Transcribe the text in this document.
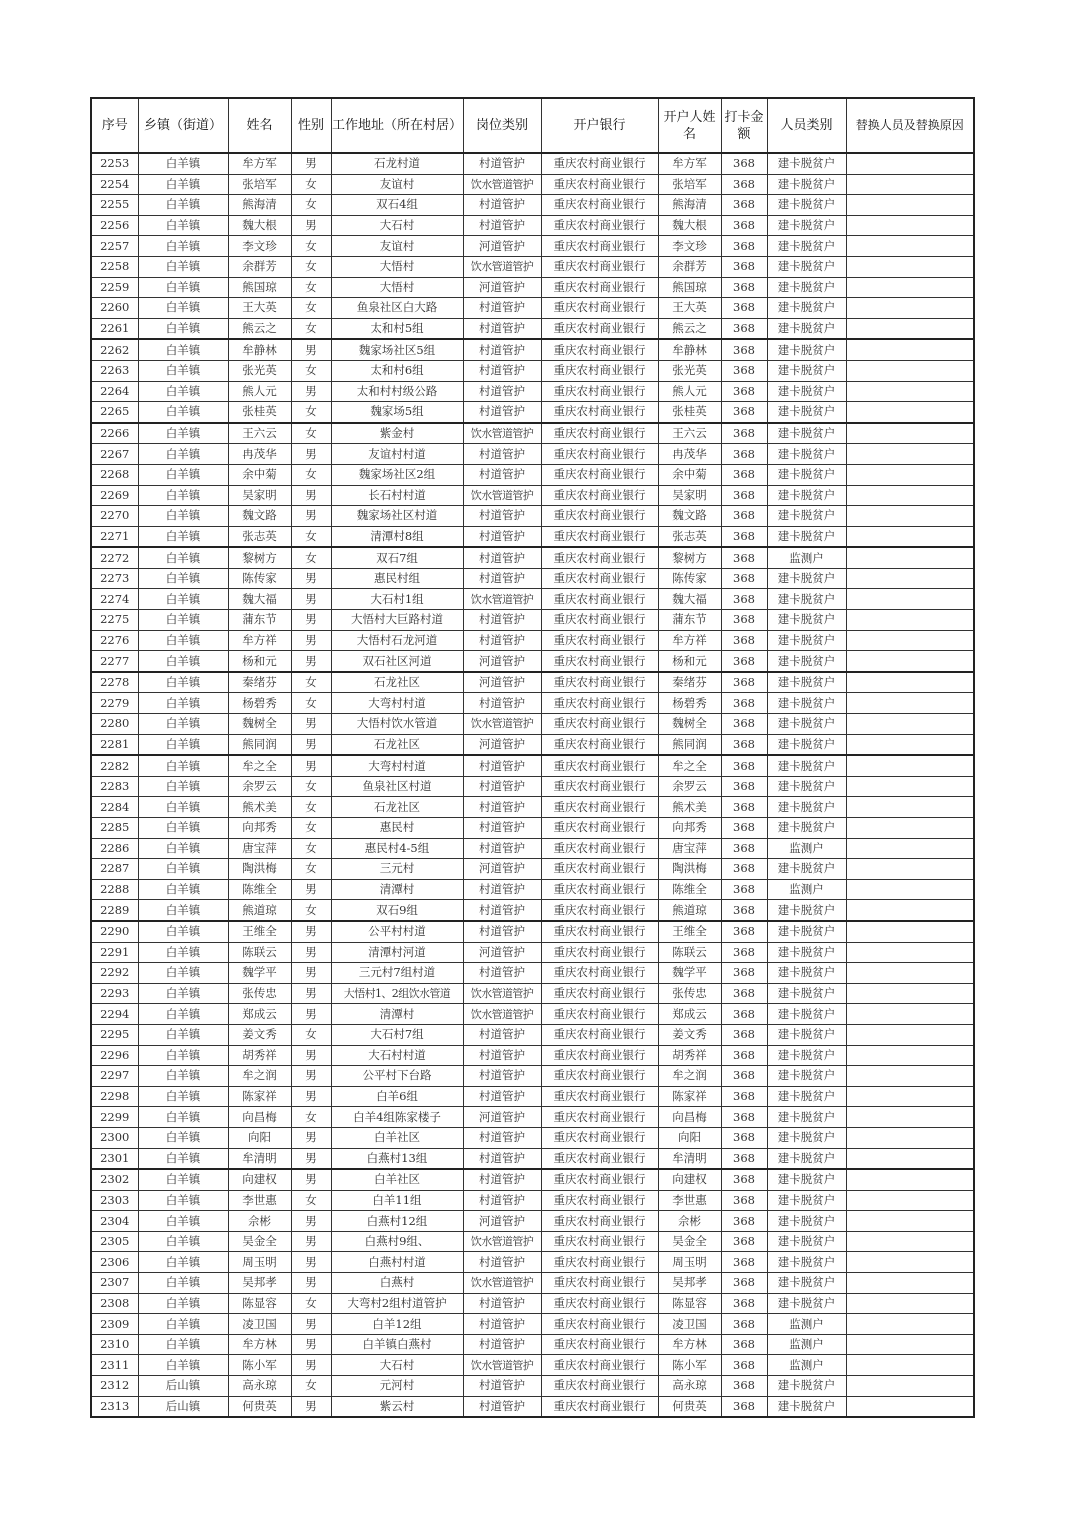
序号	乡镇（街道）	姓名	性别	工作地址（所在村居）	岗位类别	开户银行	开户人姓名	打卡金额	人员类别	替换人员及替换原因
2253	白羊镇	牟方军	男	石龙村道	村道管护	重庆农村商业银行	牟方军	368	建卡脱贫户	
2254	白羊镇	张培军	女	友谊村	饮水管道管护	重庆农村商业银行	张培军	368	建卡脱贫户	
2255	白羊镇	熊海清	女	双石4组	村道管护	重庆农村商业银行	熊海清	368	建卡脱贫户	
2256	白羊镇	魏大根	男	大石村	村道管护	重庆农村商业银行	魏大根	368	建卡脱贫户	
2257	白羊镇	李文珍	女	友谊村	河道管护	重庆农村商业银行	李文珍	368	建卡脱贫户	
2258	白羊镇	余群芳	女	大悟村	饮水管道管护	重庆农村商业银行	余群芳	368	建卡脱贫户	
2259	白羊镇	熊国琼	女	大悟村	河道管护	重庆农村商业银行	熊国琼	368	建卡脱贫户	
2260	白羊镇	王大英	女	鱼泉社区白大路	村道管护	重庆农村商业银行	王大英	368	建卡脱贫户	
2261	白羊镇	熊云之	女	太和村5组	村道管护	重庆农村商业银行	熊云之	368	建卡脱贫户	
2262	白羊镇	牟静林	男	魏家场社区5组	村道管护	重庆农村商业银行	牟静林	368	建卡脱贫户	
2263	白羊镇	张光英	女	太和村6组	村道管护	重庆农村商业银行	张光英	368	建卡脱贫户	
2264	白羊镇	熊人元	男	太和村村级公路	村道管护	重庆农村商业银行	熊人元	368	建卡脱贫户	
2265	白羊镇	张桂英	女	魏家场5组	村道管护	重庆农村商业银行	张桂英	368	建卡脱贫户	
2266	白羊镇	王六云	女	紫金村	饮水管道管护	重庆农村商业银行	王六云	368	建卡脱贫户	
2267	白羊镇	冉茂华	男	友谊村村道	村道管护	重庆农村商业银行	冉茂华	368	建卡脱贫户	
2268	白羊镇	余中菊	女	魏家场社区2组	村道管护	重庆农村商业银行	余中菊	368	建卡脱贫户	
2269	白羊镇	吴家明	男	长石村村道	饮水管道管护	重庆农村商业银行	吴家明	368	建卡脱贫户	
2270	白羊镇	魏文路	男	魏家场社区村道	村道管护	重庆农村商业银行	魏文路	368	建卡脱贫户	
2271	白羊镇	张志英	女	清潭村8组	村道管护	重庆农村商业银行	张志英	368	建卡脱贫户	
2272	白羊镇	黎树方	女	双石7组	村道管护	重庆农村商业银行	黎树方	368	监测户	
2273	白羊镇	陈传家	男	惠民村组	村道管护	重庆农村商业银行	陈传家	368	建卡脱贫户	
2274	白羊镇	魏大福	男	大石村1组	饮水管道管护	重庆农村商业银行	魏大福	368	建卡脱贫户	
2275	白羊镇	蒲东节	男	大悟村大巨路村道	村道管护	重庆农村商业银行	蒲东节	368	建卡脱贫户	
2276	白羊镇	牟方祥	男	大悟村石龙河道	村道管护	重庆农村商业银行	牟方祥	368	建卡脱贫户	
2277	白羊镇	杨和元	男	双石社区河道	河道管护	重庆农村商业银行	杨和元	368	建卡脱贫户	
2278	白羊镇	秦绪芬	女	石龙社区	河道管护	重庆农村商业银行	秦绪芬	368	建卡脱贫户	
2279	白羊镇	杨碧秀	女	大弯村村道	村道管护	重庆农村商业银行	杨碧秀	368	建卡脱贫户	
2280	白羊镇	魏树全	男	大悟村饮水管道	饮水管道管护	重庆农村商业银行	魏树全	368	建卡脱贫户	
2281	白羊镇	熊同润	男	石龙社区	河道管护	重庆农村商业银行	熊同润	368	建卡脱贫户	
2282	白羊镇	牟之全	男	大弯村村道	村道管护	重庆农村商业银行	牟之全	368	建卡脱贫户	
2283	白羊镇	余罗云	女	鱼泉社区村道	村道管护	重庆农村商业银行	余罗云	368	建卡脱贫户	
2284	白羊镇	熊术美	女	石龙社区	村道管护	重庆农村商业银行	熊术美	368	建卡脱贫户	
2285	白羊镇	向邦秀	女	惠民村	村道管护	重庆农村商业银行	向邦秀	368	建卡脱贫户	
2286	白羊镇	唐宝萍	女	惠民村4-5组	村道管护	重庆农村商业银行	唐宝萍	368	监测户	
2287	白羊镇	陶洪梅	女	三元村	河道管护	重庆农村商业银行	陶洪梅	368	建卡脱贫户	
2288	白羊镇	陈维全	男	清潭村	村道管护	重庆农村商业银行	陈维全	368	监测户	
2289	白羊镇	熊道琼	女	双石9组	村道管护	重庆农村商业银行	熊道琼	368	建卡脱贫户	
2290	白羊镇	王维全	男	公平村村道	村道管护	重庆农村商业银行	王维全	368	建卡脱贫户	
2291	白羊镇	陈联云	男	清潭村河道	河道管护	重庆农村商业银行	陈联云	368	建卡脱贫户	
2292	白羊镇	魏学平	男	三元村7组村道	村道管护	重庆农村商业银行	魏学平	368	建卡脱贫户	
2293	白羊镇	张传忠	男	大悟村1、2组饮水管道	饮水管道管护	重庆农村商业银行	张传忠	368	建卡脱贫户	
2294	白羊镇	郑成云	男	清潭村	饮水管道管护	重庆农村商业银行	郑成云	368	建卡脱贫户	
2295	白羊镇	姜文秀	女	大石村7组	村道管护	重庆农村商业银行	姜文秀	368	建卡脱贫户	
2296	白羊镇	胡秀祥	男	大石村村道	村道管护	重庆农村商业银行	胡秀祥	368	建卡脱贫户	
2297	白羊镇	牟之润	男	公平村下台路	村道管护	重庆农村商业银行	牟之润	368	建卡脱贫户	
2298	白羊镇	陈家祥	男	白羊6组	村道管护	重庆农村商业银行	陈家祥	368	建卡脱贫户	
2299	白羊镇	向昌梅	女	白羊4组陈家楼子	河道管护	重庆农村商业银行	向昌梅	368	建卡脱贫户	
2300	白羊镇	向阳	男	白羊社区	村道管护	重庆农村商业银行	向阳	368	建卡脱贫户	
2301	白羊镇	牟清明	男	白燕村13组	村道管护	重庆农村商业银行	牟清明	368	建卡脱贫户	
2302	白羊镇	向建权	男	白羊社区	村道管护	重庆农村商业银行	向建权	368	建卡脱贫户	
2303	白羊镇	李世惠	女	白羊11组	村道管护	重庆农村商业银行	李世惠	368	建卡脱贫户	
2304	白羊镇	佘彬	男	白燕村12组	河道管护	重庆农村商业银行	佘彬	368	建卡脱贫户	
2305	白羊镇	吴金全	男	白燕村9组、	饮水管道管护	重庆农村商业银行	吴金全	368	建卡脱贫户	
2306	白羊镇	周玉明	男	白燕村村道	村道管护	重庆农村商业银行	周玉明	368	建卡脱贫户	
2307	白羊镇	吴邦孝	男	白燕村	饮水管道管护	重庆农村商业银行	吴邦孝	368	建卡脱贫户	
2308	白羊镇	陈显容	女	大弯村2组村道管护	村道管护	重庆农村商业银行	陈显容	368	建卡脱贫户	
2309	白羊镇	凌卫国	男	白羊12组	村道管护	重庆农村商业银行	凌卫国	368	监测户	
2310	白羊镇	牟方林	男	白羊镇白燕村	村道管护	重庆农村商业银行	牟方林	368	监测户	
2311	白羊镇	陈小军	男	大石村	饮水管道管护	重庆农村商业银行	陈小军	368	监测户	
2312	后山镇	高永琼	女	元河村	村道管护	重庆农村商业银行	高永琼	368	建卡脱贫户	
2313	后山镇	何贵英	男	紫云村	村道管护	重庆农村商业银行	何贵英	368	建卡脱贫户	
